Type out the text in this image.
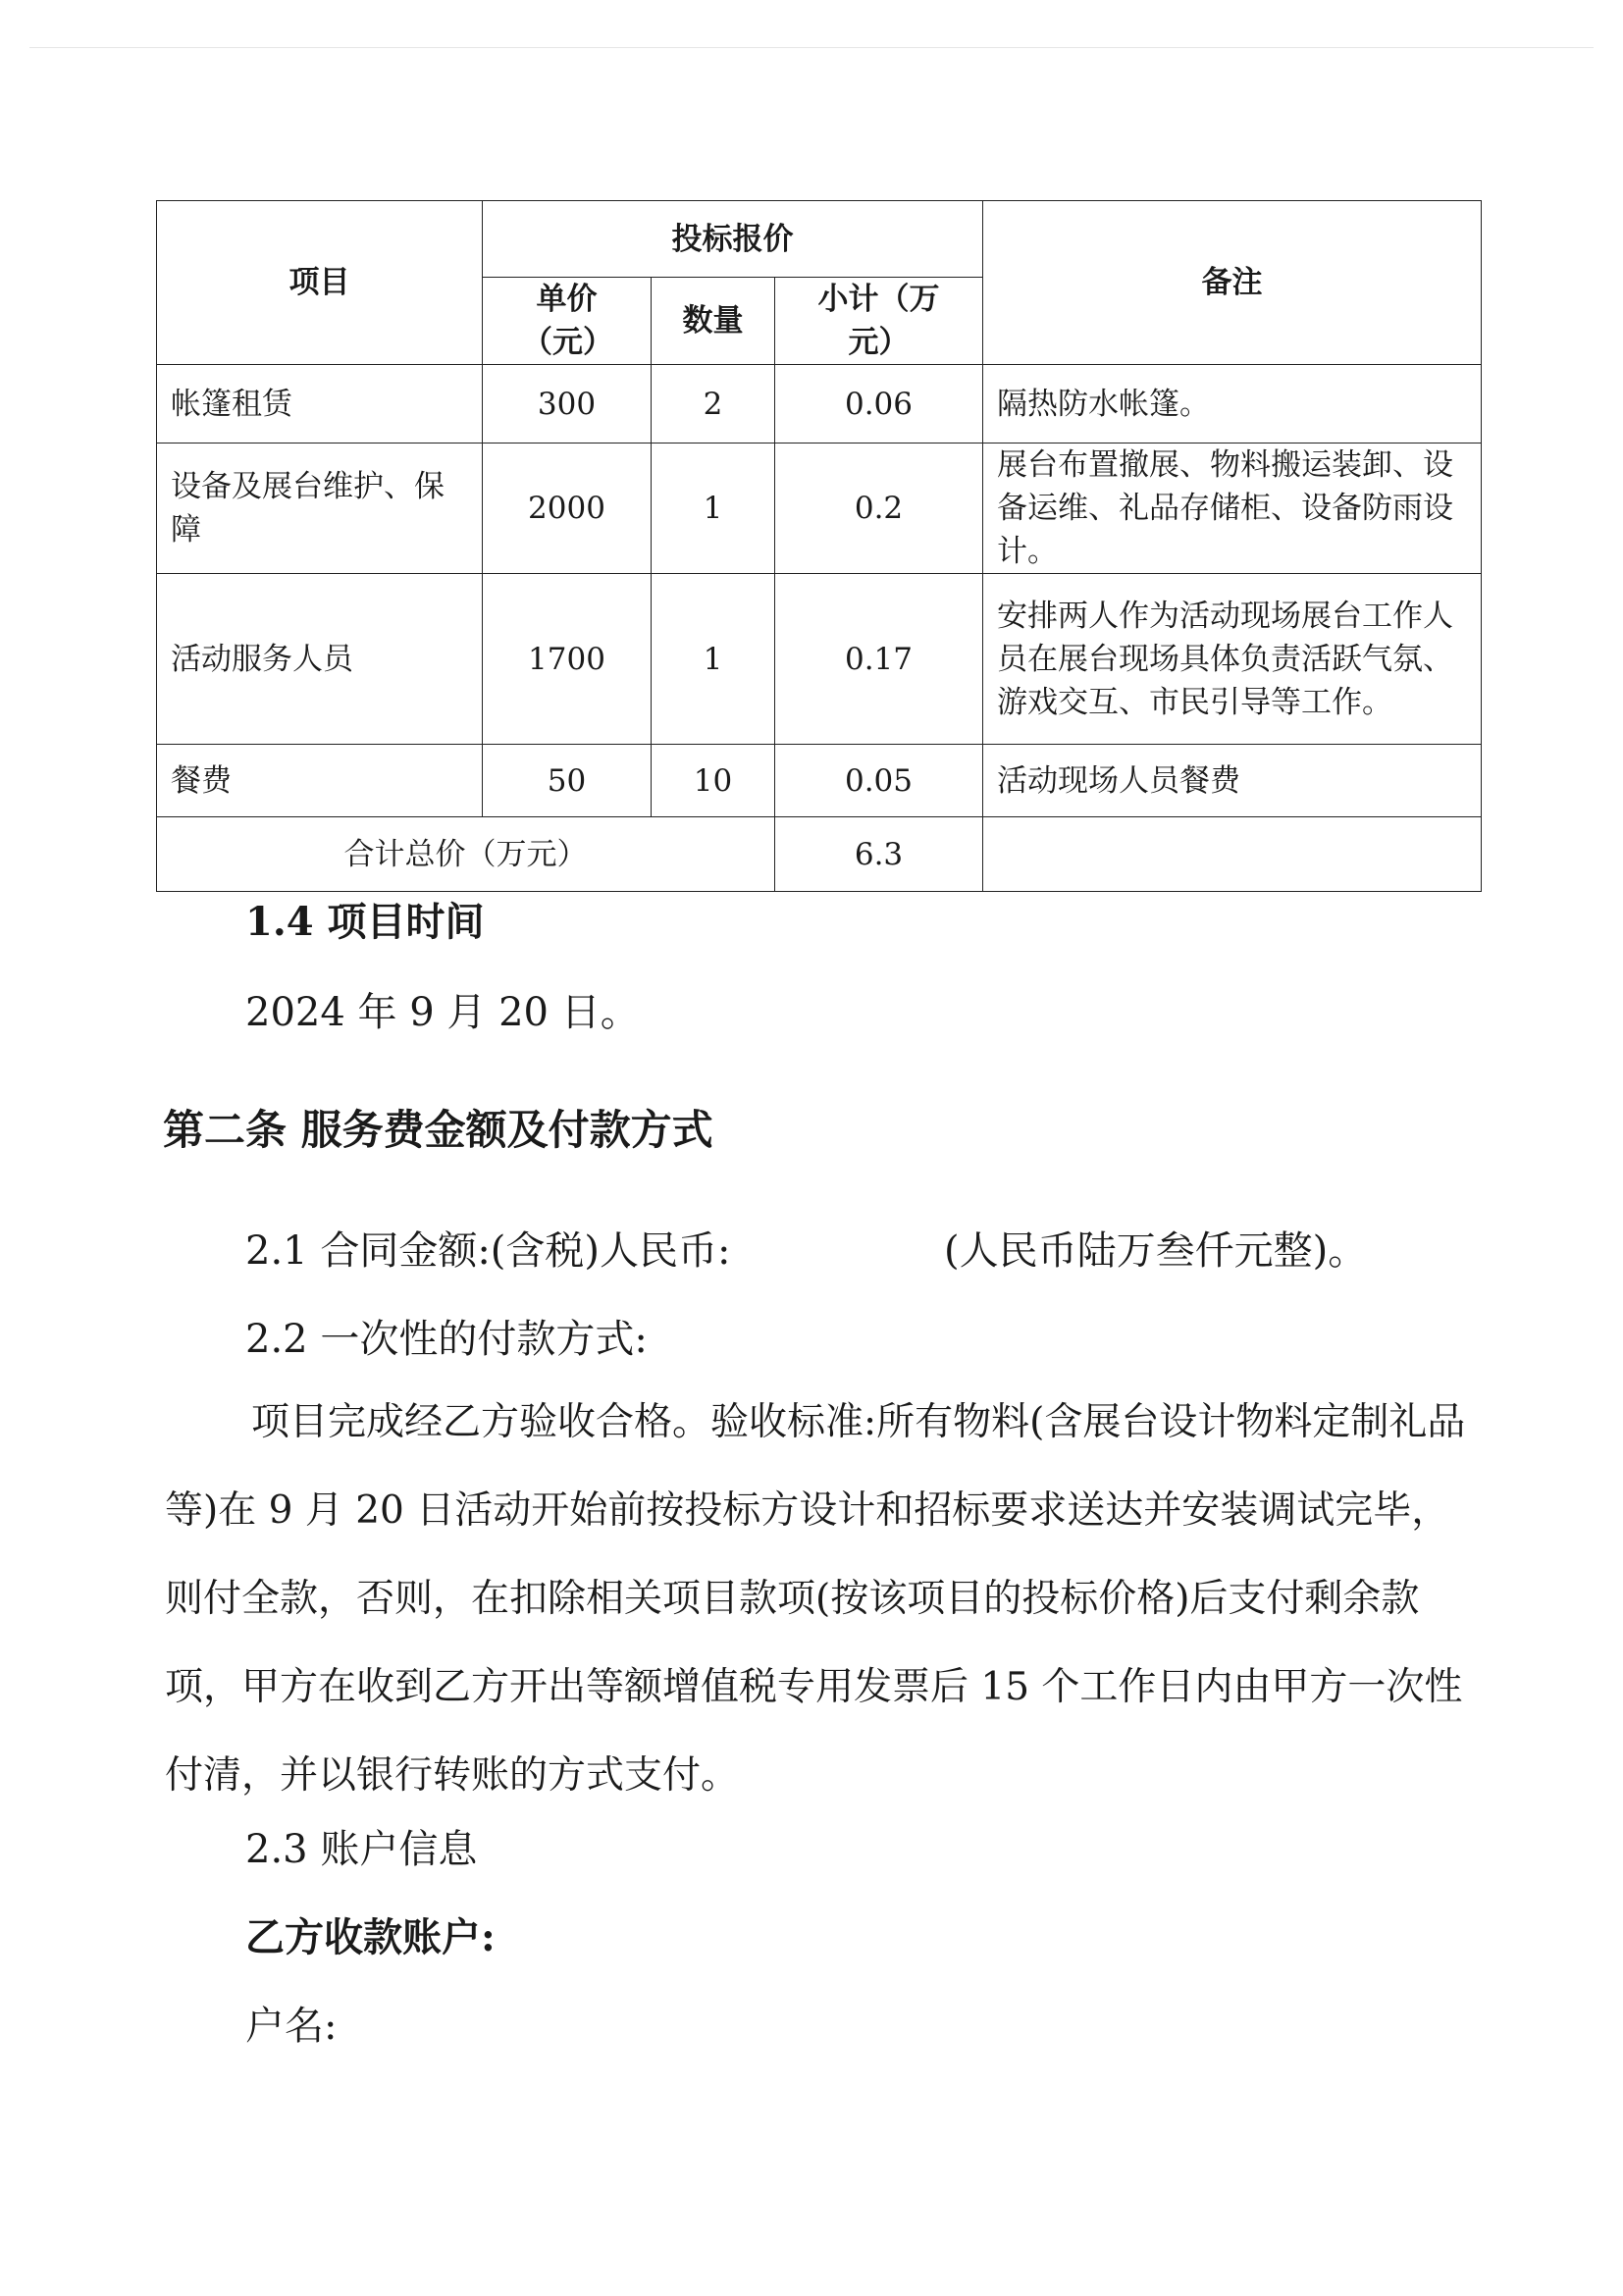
项目	投标报价			备注
	单价（元）	数量	小计（万元）	
帐篷租赁	300	2	0.06	隔热防水帐篷。
设备及展台维护、保障	2000	1	0.2	展台布置撤展、物料搬运装卸、设备运维、礼品存储柜、设备防雨设计。
活动服务人员	1700	1	0.17	安排两人作为活动现场展台工作人员在展台现场具体负责活跃气氛、游戏交互、市民引导等工作。
餐费	50	10	0.05	活动现场人员餐费
合计总价（万元）			6.3	
1.4 项目时间
2024 年 9 月 20 日。
第二条 服务费金额及付款方式
2.1 合同金额:(含税)人民币:	(人民币陆万叁仟元整)。
2.2 一次性的付款方式:
项目完成经乙方验收合格。验收标准:所有物料(含展台设计物料定制礼品等)在 9 月 20 日活动开始前按投标方设计和招标要求送达并安装调试完毕，则付全款，否则，在扣除相关项目款项(按该项目的投标价格)后支付剩余款项，甲方在收到乙方开出等额增值税专用发票后 15 个工作日内由甲方一次性付清，并以银行转账的方式支付。
2.3 账户信息
乙方收款账户:
户名:
